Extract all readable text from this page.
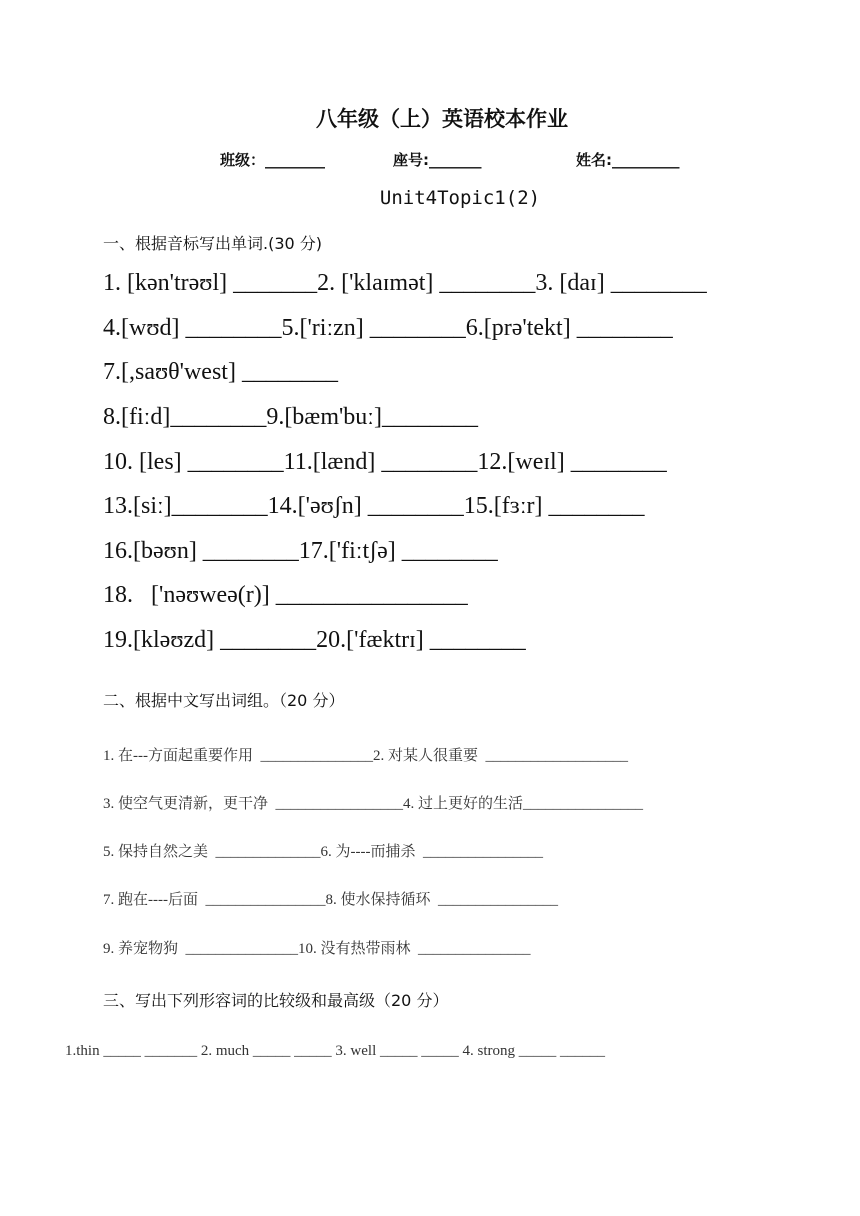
八年级（上）英语校本作业
班级：________	座号:_______	姓名:_________
Unit4Topic1(2)
一、根据音标写出单词.(30 分)
1. [kən'trəʊl] _______2. ['klaɪmət] ________3. [daɪ] ________
4.[wʊd] ________5.['riːzn] ________6.[prə'tekt] ________
7.[,saʊθ'west] ________
8.[fiːd]________9.[bæm'buː]________
10. [les] ________11.[lænd] ________12.[weɪl] ________
13.[siː]________14.['əʊʃn] ________15.[fɜːr] ________
16.[bəʊn] ________17.['fiːtʃə] ________
18.   ['nəʊweə(r)] ________________
19.[kləʊzd] ________20.['fæktrɪ] ________
二、根据中文写出词组。（20 分）
1. 在---方面起重要作用  _______________2. 对某人很重要  ___________________
3. 使空气更清新，更干净  _________________4. 过上更好的生活________________
5. 保持自然之美  ______________6. 为----而捕杀  ________________
7. 跑在----后面  ________________8. 使水保持循环  ________________
9. 养宠物狗  _______________10. 没有热带雨林  _______________
三、写出下列形容词的比较级和最高级（20 分）
1.thin _____ _______ 2. much _____ _____ 3. well _____ _____ 4. strong _____ ______
